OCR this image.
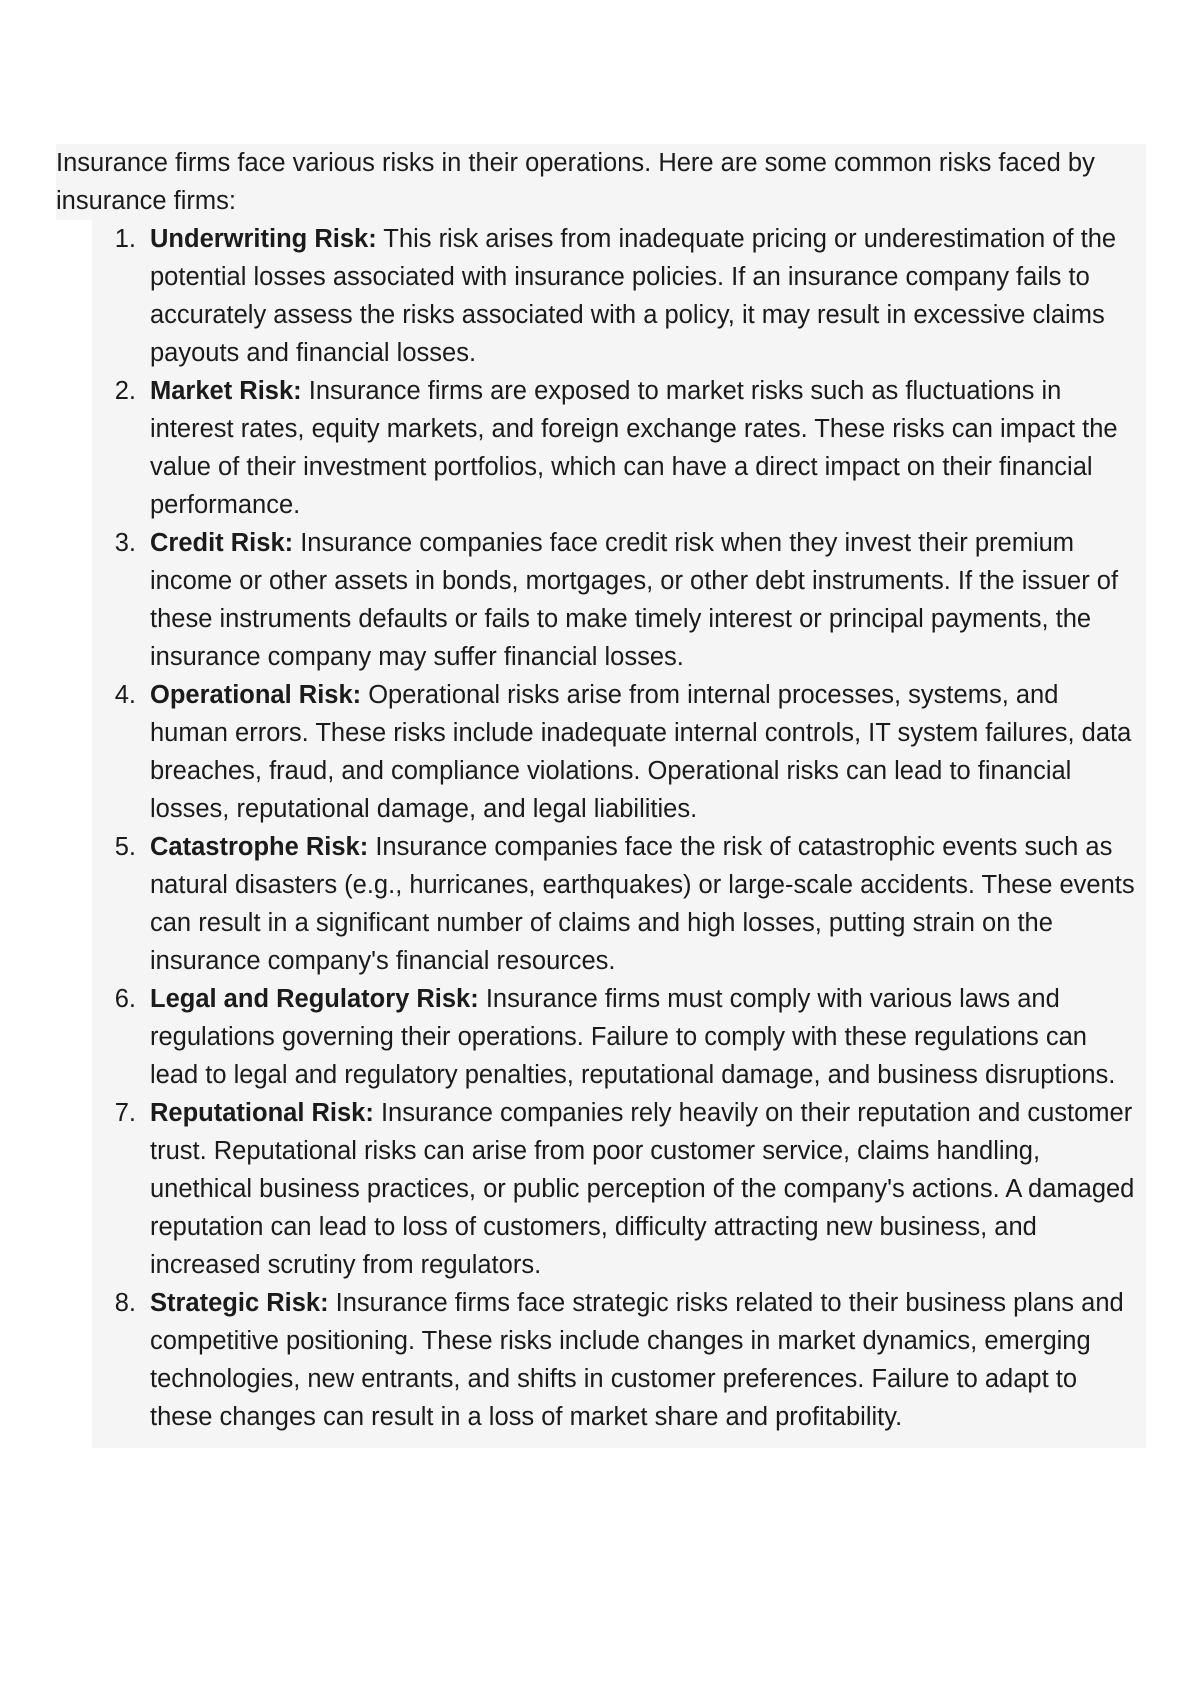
Insurance firms face various risks in their operations. Here are some common risks faced by insurance firms:

1. Underwriting Risk: This risk arises from inadequate pricing or underestimation of the potential losses associated with insurance policies. If an insurance company fails to accurately assess the risks associated with a policy, it may result in excessive claims payouts and financial losses.
2. Market Risk: Insurance firms are exposed to market risks such as fluctuations in interest rates, equity markets, and foreign exchange rates. These risks can impact the value of their investment portfolios, which can have a direct impact on their financial performance.
3. Credit Risk: Insurance companies face credit risk when they invest their premium income or other assets in bonds, mortgages, or other debt instruments. If the issuer of these instruments defaults or fails to make timely interest or principal payments, the insurance company may suffer financial losses.
4. Operational Risk: Operational risks arise from internal processes, systems, and human errors. These risks include inadequate internal controls, IT system failures, data breaches, fraud, and compliance violations. Operational risks can lead to financial losses, reputational damage, and legal liabilities.
5. Catastrophe Risk: Insurance companies face the risk of catastrophic events such as natural disasters (e.g., hurricanes, earthquakes) or large-scale accidents. These events can result in a significant number of claims and high losses, putting strain on the insurance company's financial resources.
6. Legal and Regulatory Risk: Insurance firms must comply with various laws and regulations governing their operations. Failure to comply with these regulations can lead to legal and regulatory penalties, reputational damage, and business disruptions.
7. Reputational Risk: Insurance companies rely heavily on their reputation and customer trust. Reputational risks can arise from poor customer service, claims handling, unethical business practices, or public perception of the company's actions. A damaged reputation can lead to loss of customers, difficulty attracting new business, and increased scrutiny from regulators.
8. Strategic Risk: Insurance firms face strategic risks related to their business plans and competitive positioning. These risks include changes in market dynamics, emerging technologies, new entrants, and shifts in customer preferences. Failure to adapt to these changes can result in a loss of market share and profitability.
